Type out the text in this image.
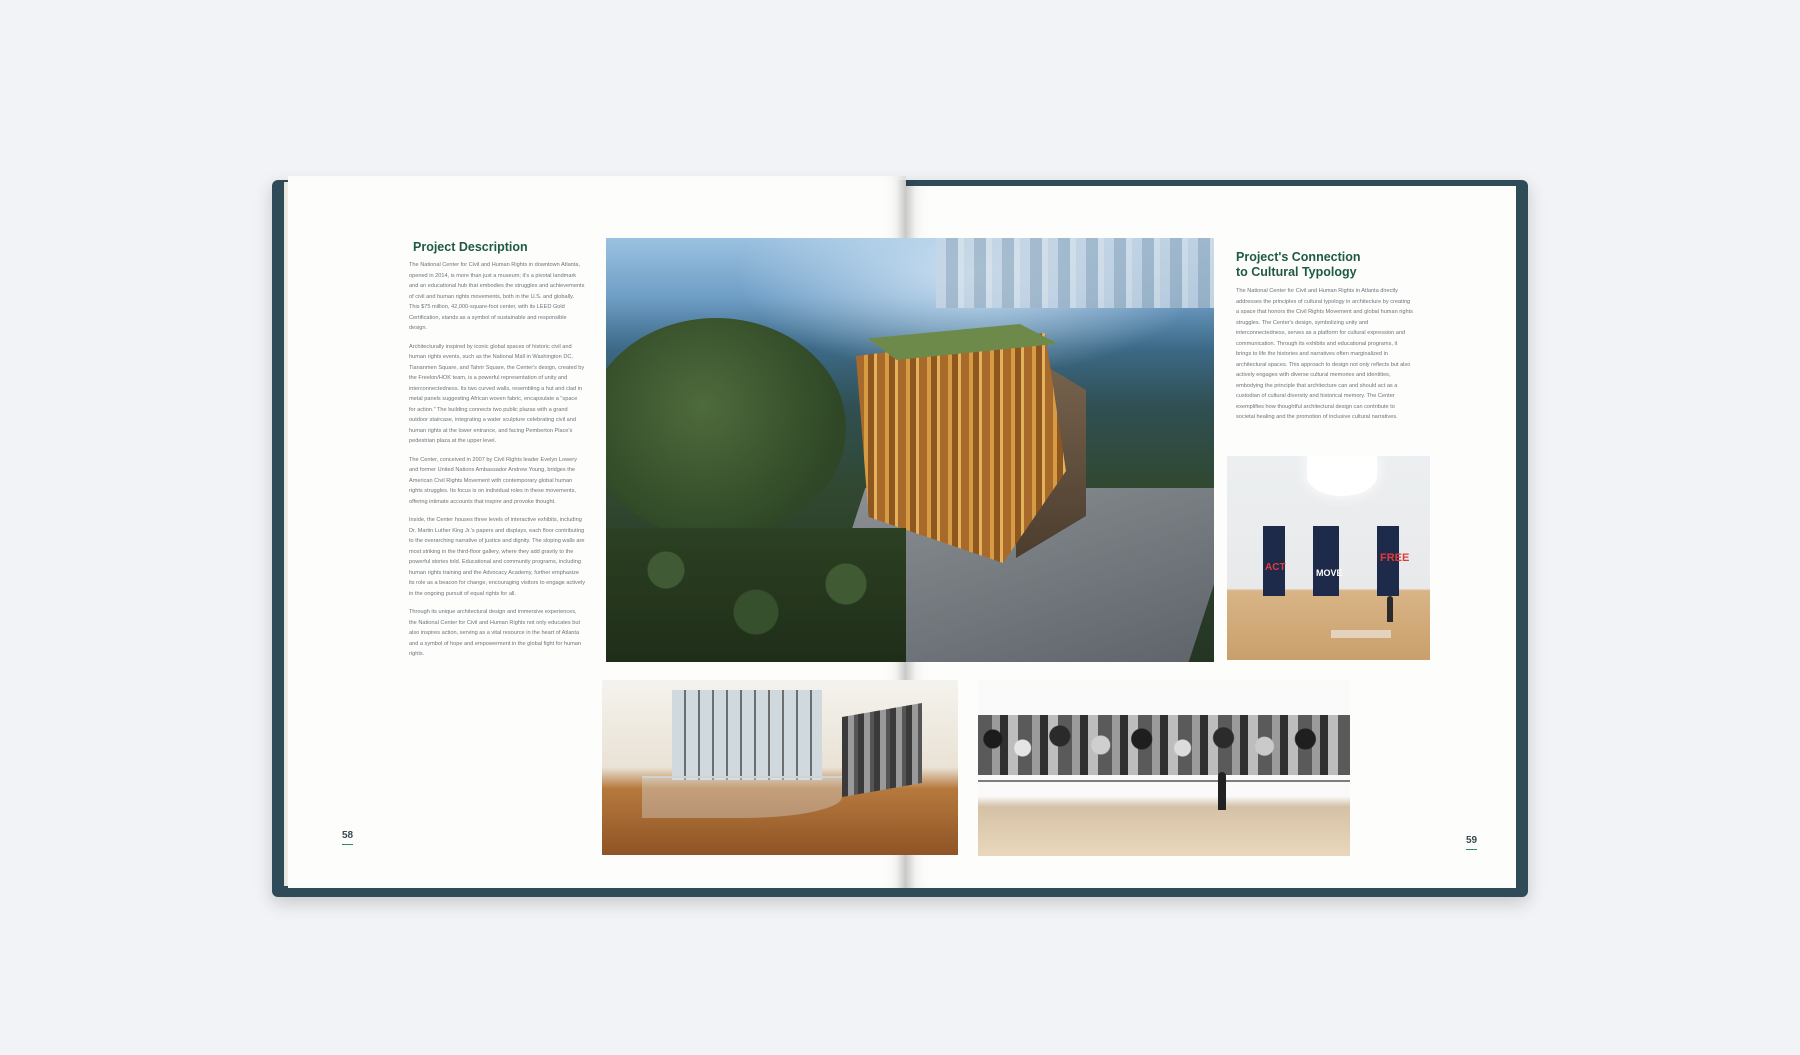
Project Description

The National Center for Civil and Human Rights in downtown Atlanta, opened in 2014, is more than just a museum; it's a pivotal landmark and an educational hub that embodies the struggles and achievements of civil and human rights movements, both in the U.S. and globally. This $75 million, 42,000-square-foot center, with its LEED Gold Certification, stands as a symbol of sustainable and responsible design.

Architecturally inspired by iconic global spaces of historic civil and human rights events, such as the National Mall in Washington DC, Tiananmen Square, and Tahrir Square, the Center's design, created by the Freelon/HOK team, is a powerful representation of unity and interconnectedness. Its two curved walls, resembling a hut and clad in metal panels suggesting African woven fabric, encapsulate a "space for action." The building connects two public plazas with a grand outdoor staircase, integrating a water sculpture celebrating civil and human rights at the lower entrance, and facing Pemberton Place's pedestrian plaza at the upper level.

The Center, conceived in 2007 by Civil Rights leader Evelyn Lowery and former United Nations Ambassador Andrew Young, bridges the American Civil Rights Movement with contemporary global human rights struggles. Its focus is on individual roles in these movements, offering intimate accounts that inspire and provoke thought.

Inside, the Center houses three levels of interactive exhibits, including Dr. Martin Luther King Jr.'s papers and displays, each floor contributing to the overarching narrative of justice and dignity. The sloping walls are most striking in the third-floor gallery, where they add gravity to the powerful stories told. Educational and community programs, including human rights training and the Advocacy Academy, further emphasize its role as a beacon for change, encouraging visitors to engage actively in the ongoing pursuit of equal rights for all.

Through its unique architectural design and immersive experiences, the National Center for Civil and Human Rights not only educates but also inspires action, serving as a vital resource in the heart of Atlanta and a symbol of hope and empowerment in the global fight for human rights.

58
Project's Connection
to Cultural Typology

The National Center for Civil and Human Rights in Atlanta directly addresses the principles of cultural typology in architecture by creating a space that honors the Civil Rights Movement and global human rights struggles. The Center's design, symbolizing unity and interconnectedness, serves as a platform for cultural expression and communication. Through its exhibits and educational programs, it brings to life the histories and narratives often marginalized in architectural spaces. This approach to design not only reflects but also actively engages with diverse cultural memories and identities, embodying the principle that architecture can and should act as a custodian of cultural diversity and historical memory. The Center exemplifies how thoughtful architectural design can contribute to societal healing and the promotion of inclusive cultural narratives.

59
ACT	MOVE
FREE
